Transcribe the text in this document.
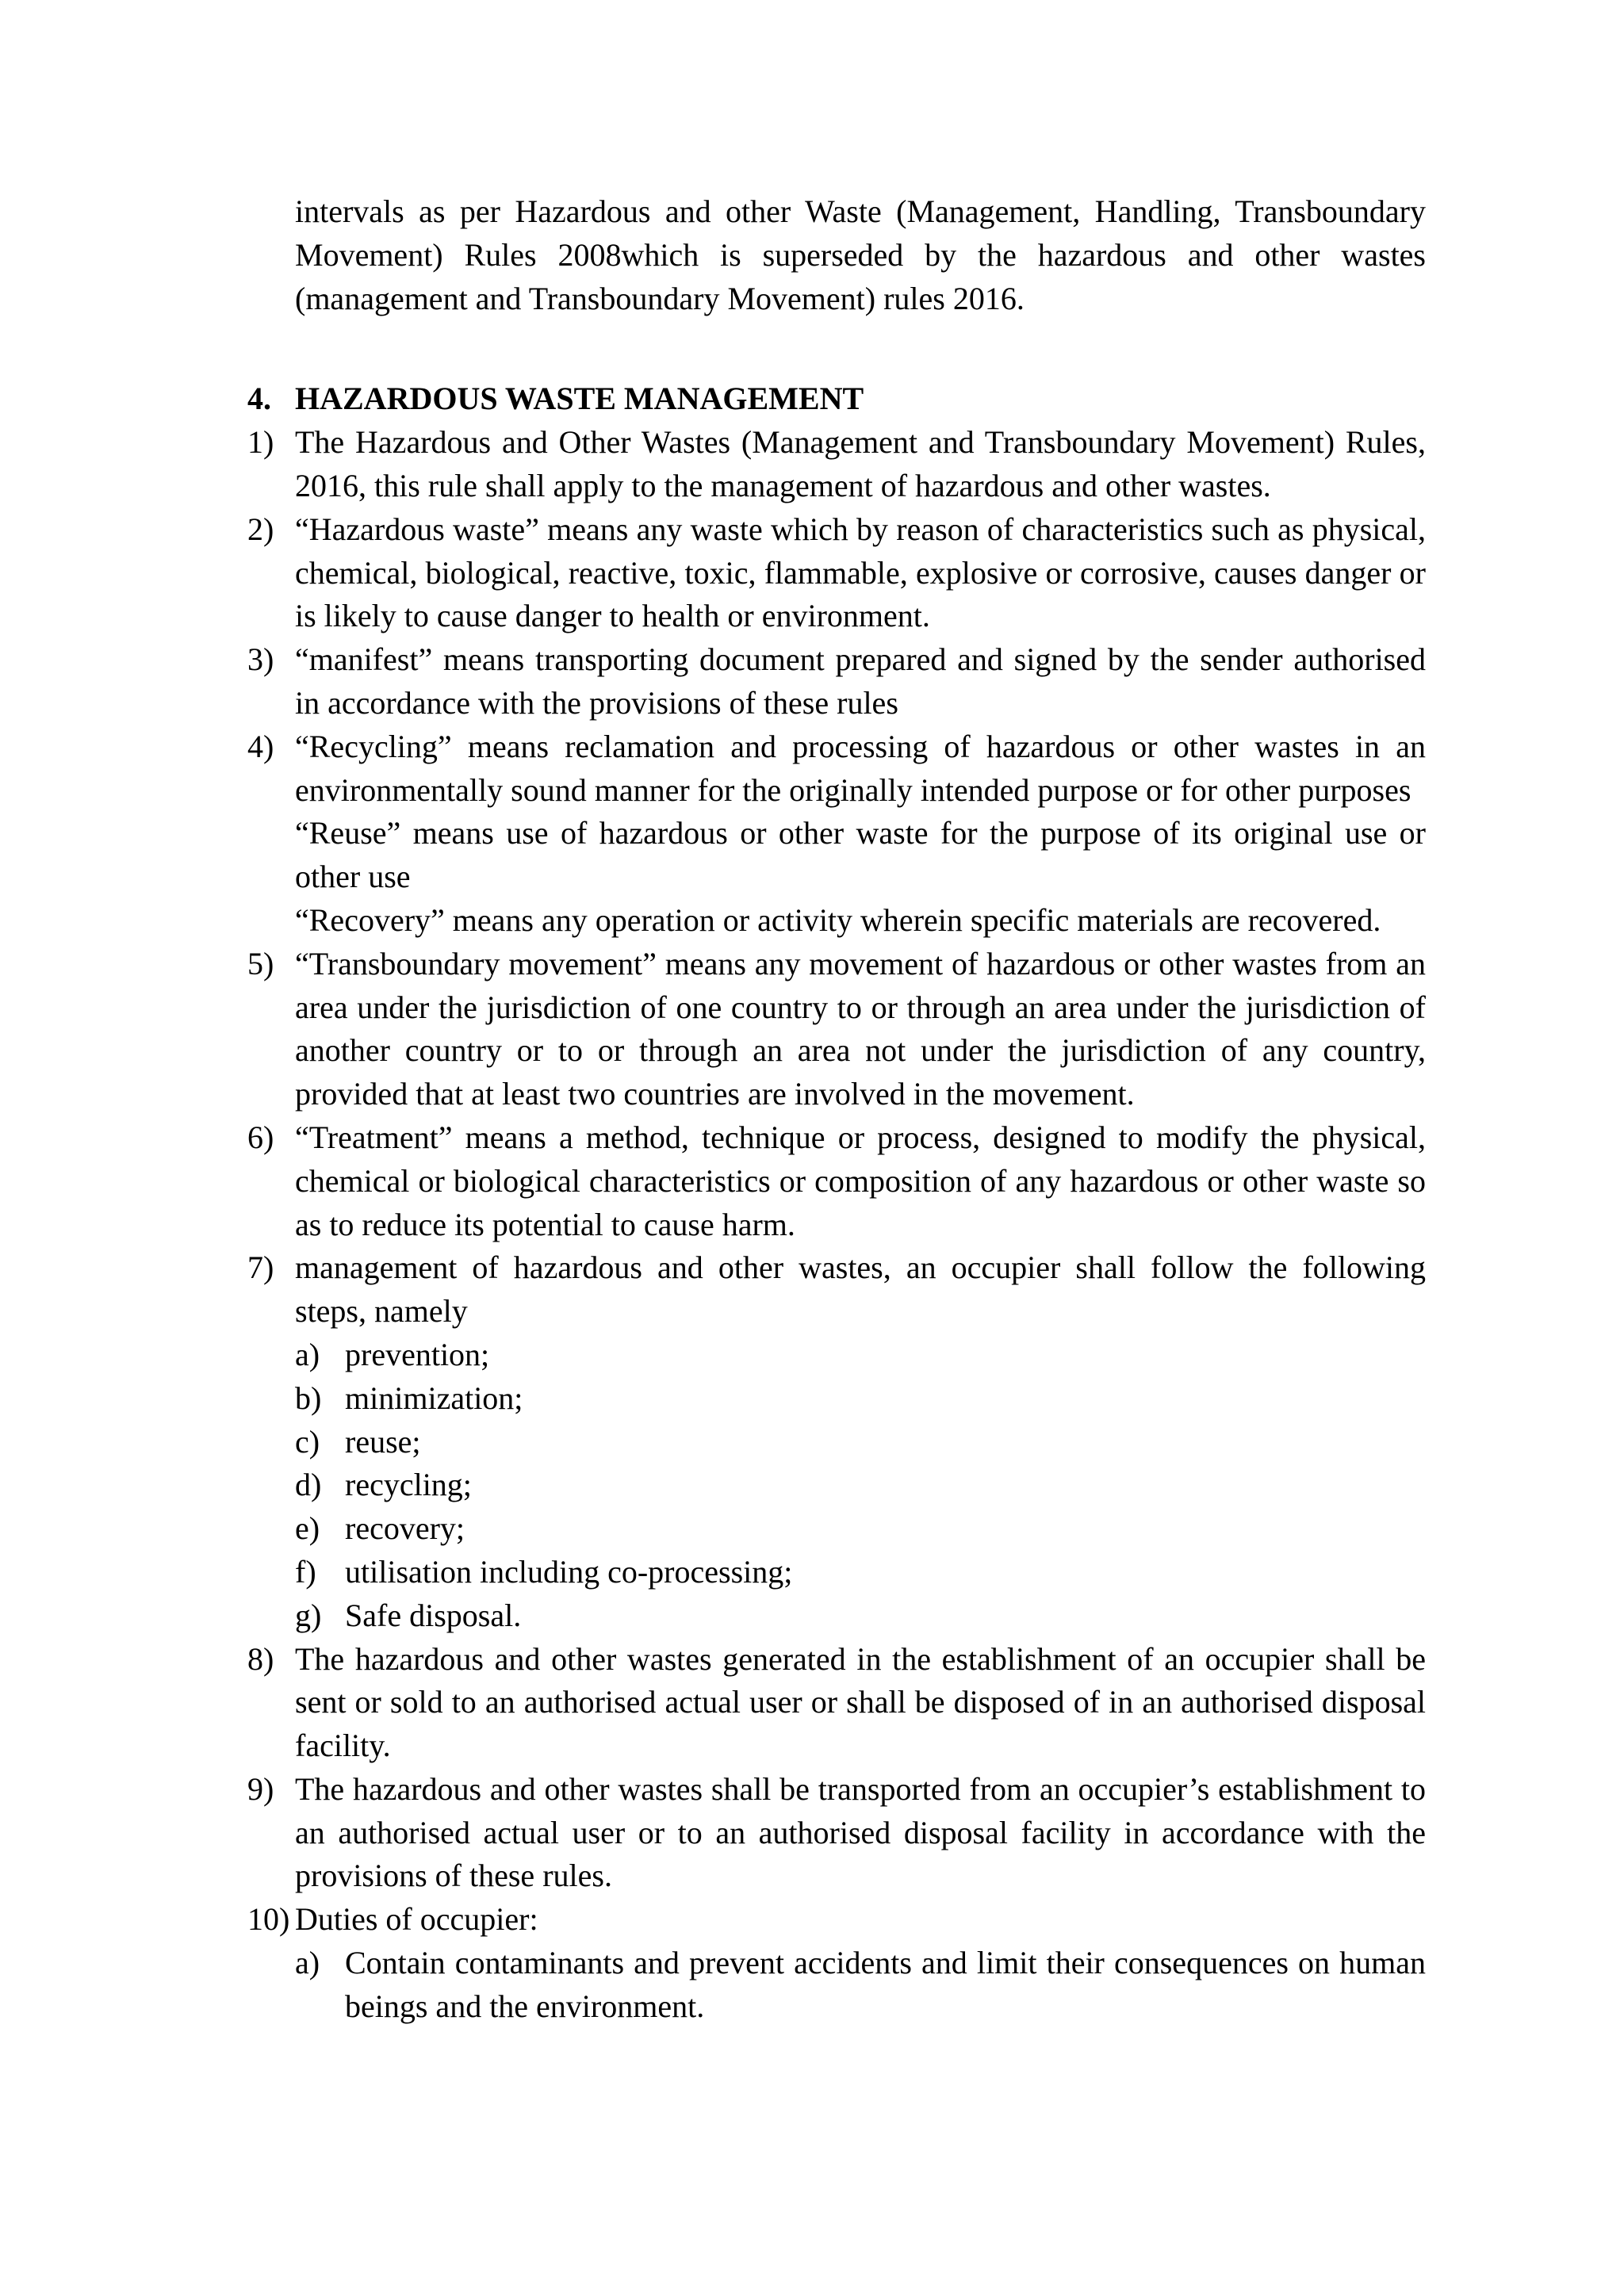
intervals as per Hazardous and other Waste (Management, Handling, Transboundary Movement) Rules 2008which is superseded by the hazardous and other wastes (management and Transboundary Movement) rules 2016.

4. HAZARDOUS WASTE MANAGEMENT
1) The Hazardous and Other Wastes (Management and Transboundary Movement) Rules, 2016, this rule shall apply to the management of hazardous and other wastes.

2) “Hazardous waste” means any waste which by reason of characteristics such as physical, chemical, biological, reactive, toxic, flammable, explosive or corrosive, causes danger or is likely to cause danger to health or environment.

3) “manifest” means transporting document prepared and signed by the sender authorised in accordance with the provisions of these rules

4) “Recycling” means reclamation and processing of hazardous or other wastes in an environmentally sound manner for the originally intended purpose or for other purposes

“Reuse” means use of hazardous or other waste for the purpose of its original use or other use

“Recovery” means any operation or activity wherein specific materials are recovered.

5) “Transboundary movement” means any movement of hazardous or other wastes from an area under the jurisdiction of one country to or through an area under the jurisdiction of another country or to or through an area not under the jurisdiction of any country, provided that at least two countries are involved in the movement.

6) “Treatment” means a method, technique or process, designed to modify the physical, chemical or biological characteristics or composition of any hazardous or other waste so as to reduce its potential to cause harm.

7) management of hazardous and other wastes, an occupier shall follow the following steps, namely

a) prevention;
b) minimization;
c) reuse;
d) recycling;
e) recovery;
f) utilisation including co-processing;
g) Safe disposal.
8) The hazardous and other wastes generated in the establishment of an occupier shall be sent or sold to an authorised actual user or shall be disposed of in an authorised disposal facility.

9) The hazardous and other wastes shall be transported from an occupier’s establishment to an authorised actual user or to an authorised disposal facility in accordance with the provisions of these rules.

10) Duties of occupier:

a) Contain contaminants and prevent accidents and limit their consequences on human beings and the environment.
